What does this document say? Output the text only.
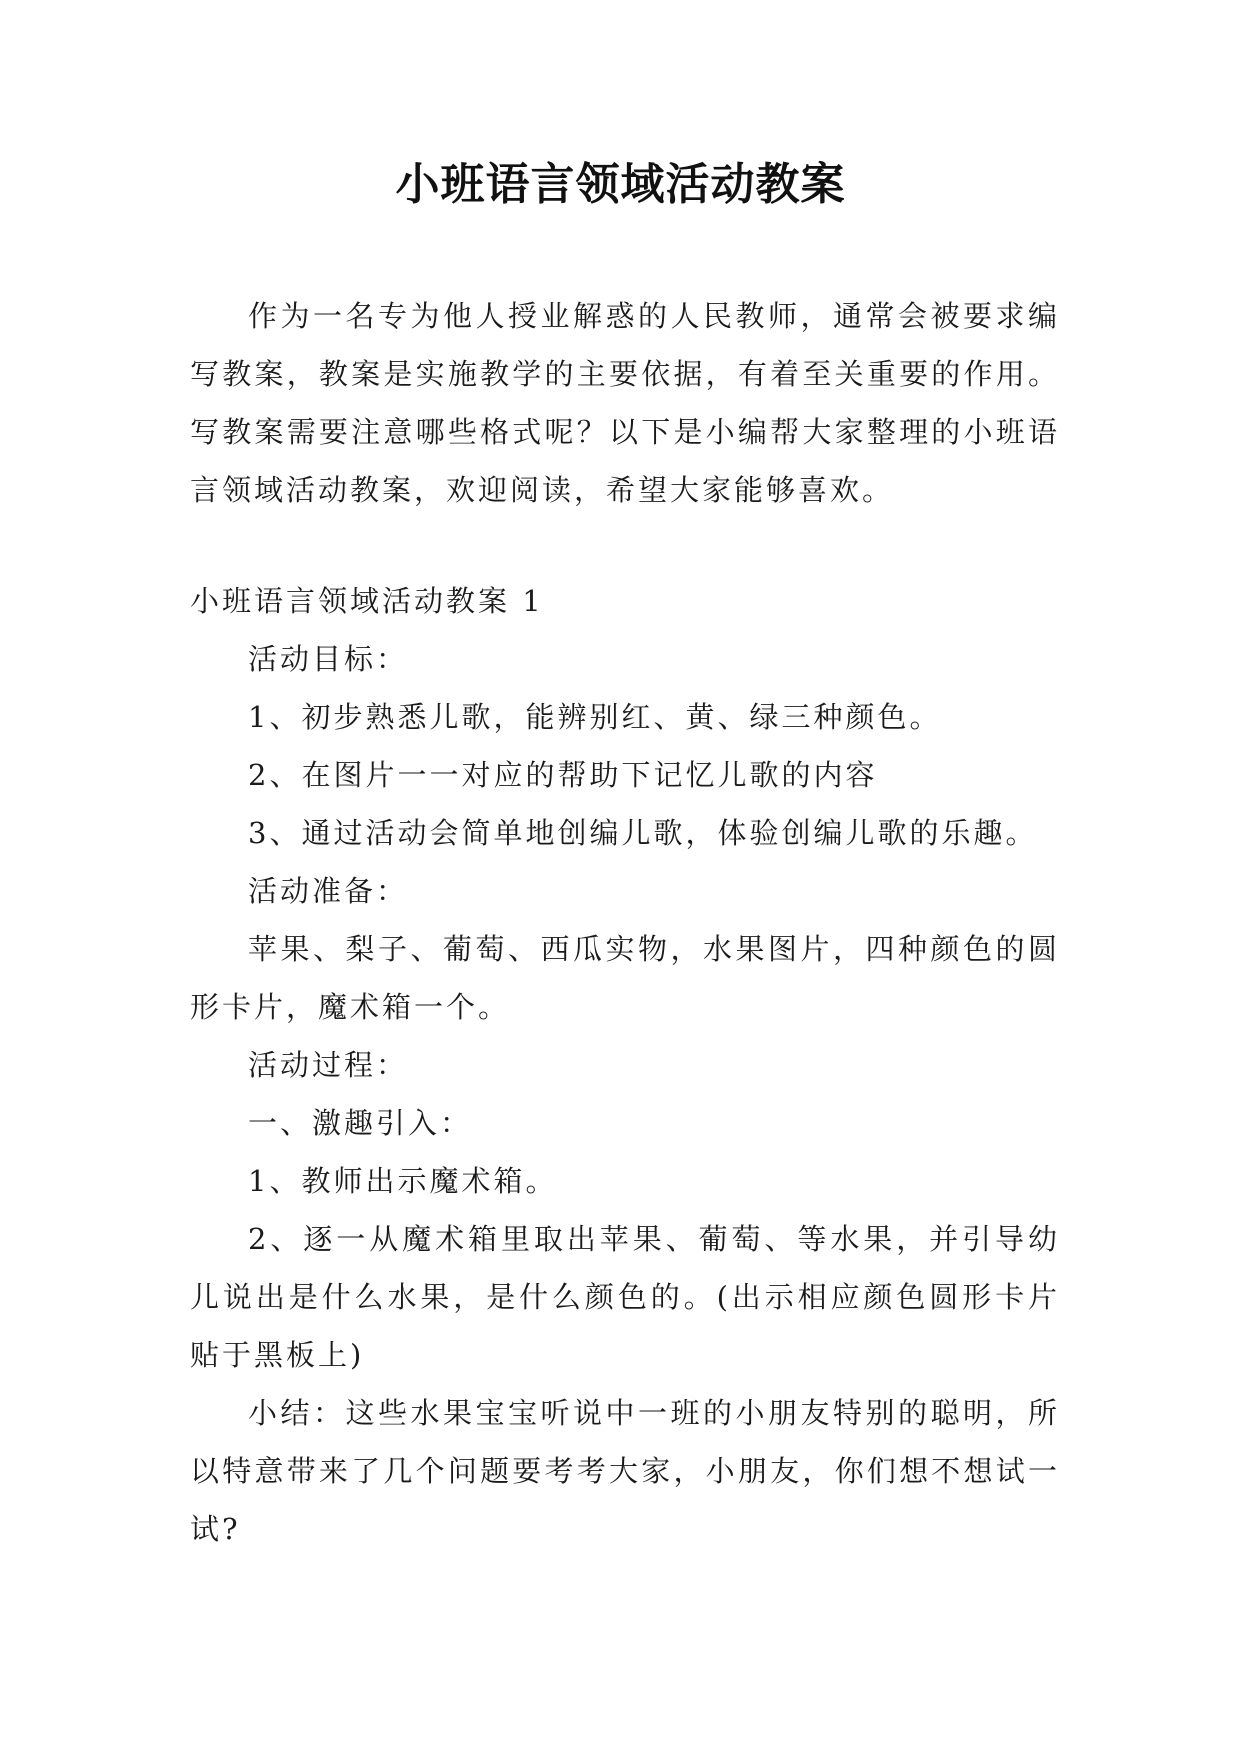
小班语言领域活动教案

作为一名专为他人授业解惑的人民教师，通常会被要求编写教案，教案是实施教学的主要依据，有着至关重要的作用。写教案需要注意哪些格式呢？以下是小编帮大家整理的小班语言领域活动教案，欢迎阅读，希望大家能够喜欢。

小班语言领域活动教案 1

活动目标：

1、初步熟悉儿歌，能辨别红、黄、绿三种颜色。

2、在图片一一对应的帮助下记忆儿歌的内容

3、通过活动会简单地创编儿歌，体验创编儿歌的乐趣。

活动准备：

苹果、梨子、葡萄、西瓜实物，水果图片，四种颜色的圆形卡片，魔术箱一个。

活动过程：

一、激趣引入：

1、教师出示魔术箱。

2、逐一从魔术箱里取出苹果、葡萄、等水果，并引导幼儿说出是什么水果，是什么颜色的。(出示相应颜色圆形卡片贴于黑板上)

小结：这些水果宝宝听说中一班的小朋友特别的聪明，所以特意带来了几个问题要考考大家，小朋友，你们想不想试一试?
